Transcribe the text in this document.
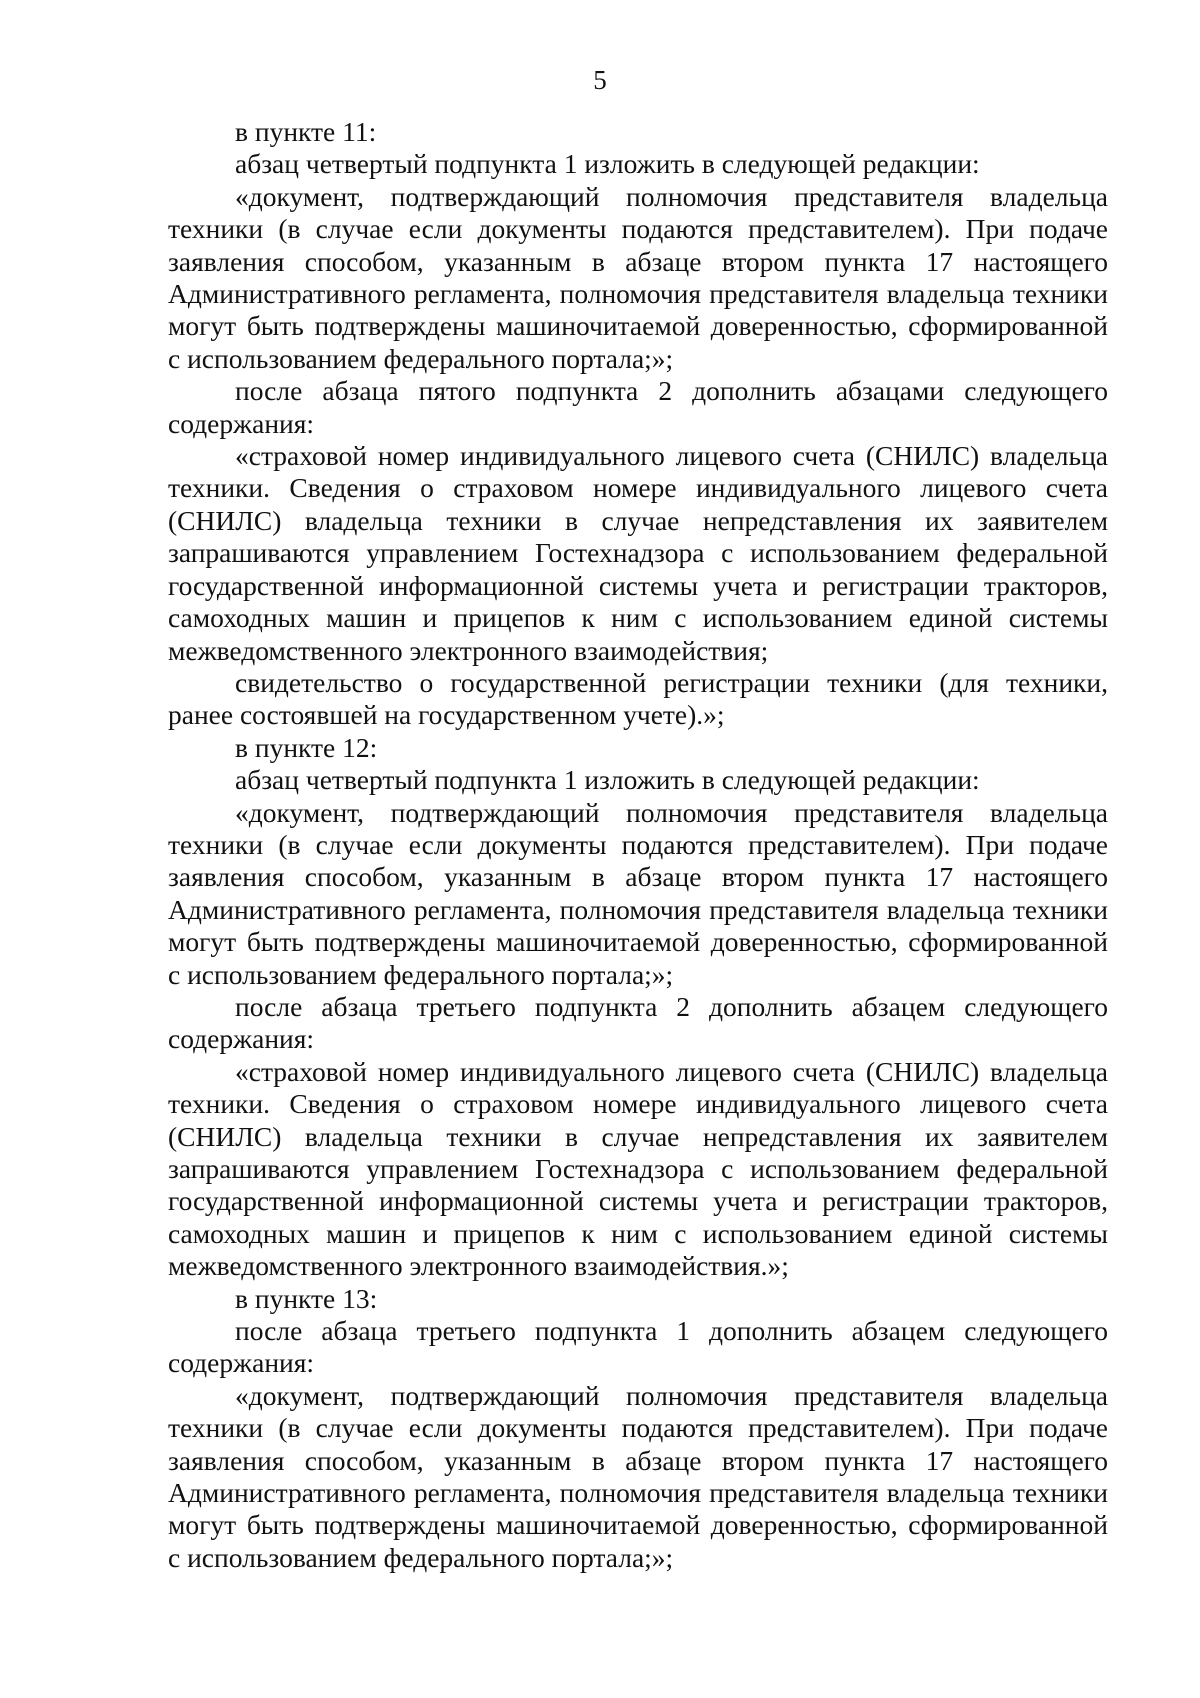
5

в пункте 11:

абзац четвертый подпункта 1 изложить в следующей редакции:

«документ, подтверждающий полномочия представителя владельца техники (в случае если документы подаются представителем). При подаче заявления способом, указанным в абзаце втором пункта 17 настоящего Административного регламента, полномочия представителя владельца техники могут быть подтверждены машиночитаемой доверенностью, сформированной с использованием федерального портала;»;

после абзаца пятого подпункта 2 дополнить абзацами следующего содержания:

«страховой номер индивидуального лицевого счета (СНИЛС) владельца техники. Сведения о страховом номере индивидуального лицевого счета (СНИЛС) владельца техники в случае непредставления их заявителем запрашиваются управлением Гостехнадзора с использованием федеральной государственной информационной системы учета и регистрации тракторов, самоходных машин и прицепов к ним с использованием единой системы межведомственного электронного взаимодействия;

свидетельство о государственной регистрации техники (для техники, ранее состоявшей на государственном учете).»;

в пункте 12:

абзац четвертый подпункта 1 изложить в следующей редакции:

«документ, подтверждающий полномочия представителя владельца техники (в случае если документы подаются представителем). При подаче заявления способом, указанным в абзаце втором пункта 17 настоящего Административного регламента, полномочия представителя владельца техники могут быть подтверждены машиночитаемой доверенностью, сформированной с использованием федерального портала;»;

после абзаца третьего подпункта 2 дополнить абзацем следующего содержания:

«страховой номер индивидуального лицевого счета (СНИЛС) владельца техники. Сведения о страховом номере индивидуального лицевого счета (СНИЛС) владельца техники в случае непредставления их заявителем запрашиваются управлением Гостехнадзора с использованием федеральной государственной информационной системы учета и регистрации тракторов, самоходных машин и прицепов к ним с использованием единой системы межведомственного электронного взаимодействия.»;

в пункте 13:

после абзаца третьего подпункта 1 дополнить абзацем следующего содержания:

«документ, подтверждающий полномочия представителя владельца техники (в случае если документы подаются представителем). При подаче заявления способом, указанным в абзаце втором пункта 17 настоящего Административного регламента, полномочия представителя владельца техники могут быть подтверждены машиночитаемой доверенностью, сформированной с использованием федерального портала;»;
